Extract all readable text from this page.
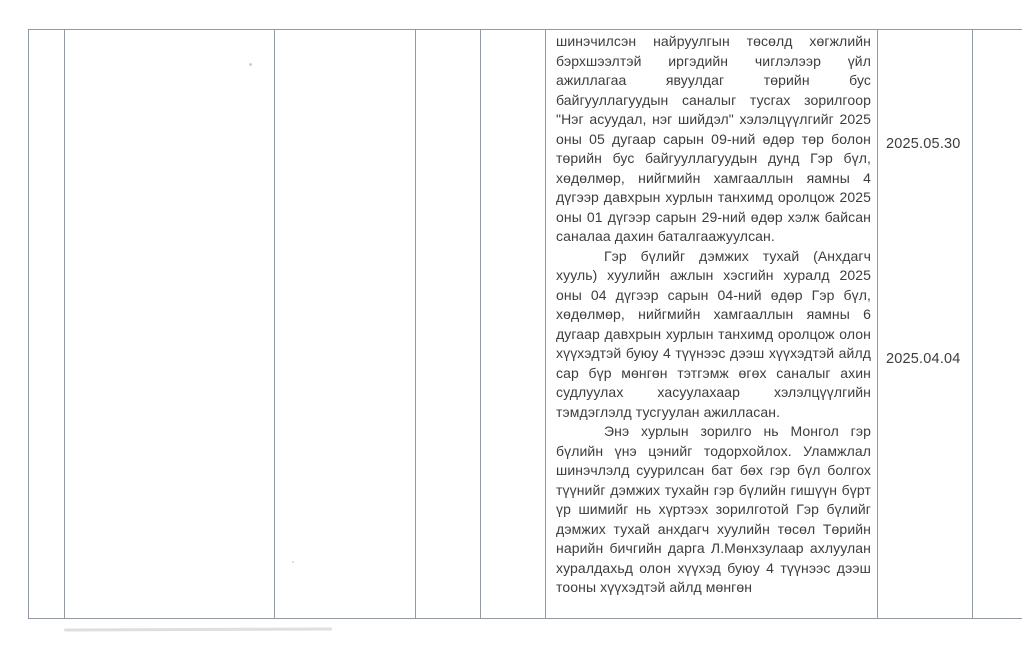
шинэчилсэн найруулгын төсөлд хөгжлийн бэрхшээлтэй иргэдийн чиглэлээр үйл ажиллагаа явуулдаг төрийн бус байгууллагуудын саналыг тусгах зорилгоор "Нэг асуудал, нэг шийдэл" хэлэлцүүлгийг 2025 оны 05 дугаар сарын 09-ний өдөр төр болон төрийн бус байгууллагуудын дунд Гэр бүл, хөдөлмөр, нийгмийн хамгааллын яамны 4 дүгээр давхрын хурлын танхимд оролцож 2025 оны 01 дүгээр сарын 29-ний өдөр хэлж байсан саналаа дахин баталгаажуулсан.

Гэр бүлийг дэмжих тухай (Анхдагч хууль) хуулийн ажлын хэсгийн хуралд 2025 оны 04 дүгээр сарын 04-ний өдөр Гэр бүл, хөдөлмөр, нийгмийн хамгааллын яамны 6 дугаар давхрын хурлын танхимд оролцож олон хүүхэдтэй буюу 4 түүнээс дээш хүүхэдтэй айлд сар бүр мөнгөн тэтгэмж өгөх саналыг ахин судлуулах хасуулахаар хэлэлцүүлгийн тэмдэглэлд тусгуулан ажилласан.

Энэ хурлын зорилго нь Монгол гэр бүлийн үнэ цэнийг тодорхойлох. Уламжлал шинэчлэлд суурилсан бат бөх гэр бүл болгох түүнийг дэмжих тухайн гэр бүлийн гишүүн бүрт үр шимийг нь хүртээх зорилготой Гэр бүлийг дэмжих тухай анхдагч хуулийн төсөл Төрийн нарийн бичгийн дарга Л.Мөнхзулаар ахлуулан хуралдахьд олон хүүхэд буюу 4 түүнээс дээш тооны хүүхэдтэй айлд мөнгөн

2025.05.30
2025.04.04
